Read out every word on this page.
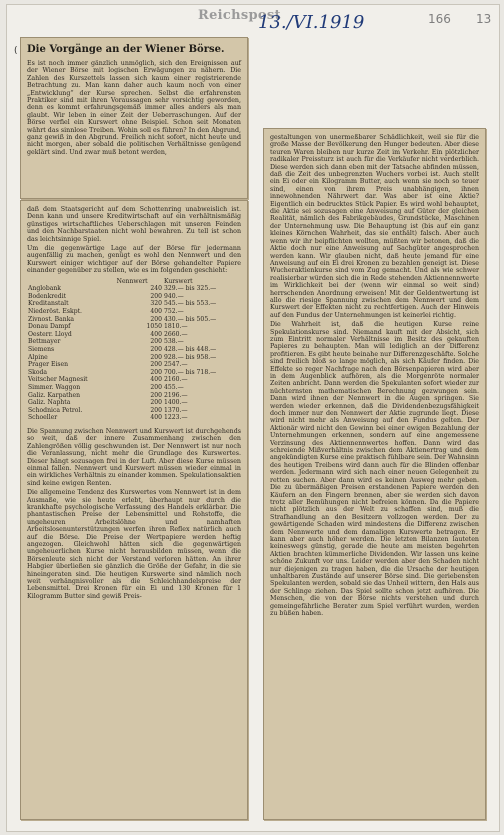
Reichspost
13./VI.1919	166 13
( Die Vorgänge an der Wiener Börse.

Es ist noch immer gänzlich unmöglich, sich den Ereignissen auf der Wiener Börse mit logischen Erwägungen zu nähern. Die Zahlen des Kurszettels lassen sich kaum einer registrierende Betrachtung zu. Man kann daher auch kaum noch von einer „Entwicklung“ der Kurse sprechen. Selbst die erfahrensten Praktiker sind mit ihren Voraussagen sehr vorsichtig geworden, denn es kommt erfahrungsgemäß immer alles anders als man glaubt. Wir leben in einer Zeit der Ueberraschungen. Auf der Börse verfiel ein Kurswert ohne Beispiel. Schon seit Monaten währt das sinnlose Treiben. Wohin soll es führen? In den Abgrund, ganz gewiß in den Abgrund. Freilich nicht sofort, nicht heute und nicht morgen, aber sobald die politischen Verhältnisse genügend geklärt sind. Und zwar muß betont werden,

daß dem Staatsgericht auf dem Schottenring unabweislich ist. Denn kann und unsere Kreditwirtschaft auf ein verhältnismäßig günstiges wirtschaftliches Ueberschlagen mit unseren Feinden und den Nachbarstaaten nicht wohl bewahren. Zu tell ist schon das leichtsinnige Spiel.

Um die gegenwärtige Lage auf der Börse für jedermann augenfällig zu machen, genügt es wohl den Nennwert und den Kurswert einiger wichtiger auf der Börse gehandelter Papiere einander gegenüber zu stellen, wie es im folgenden geschieht:

	Nennwert	Kurswert
Anglobank	240	329.— bis 325.—
Bodenkredit	200	940.—
Kreditanstalt	320	545.— bis 553.—
Niederöst. Eskpt.	400	752.—
Zivnost. Banka	200	430.— bis 505.—
Donau Dampf	1050	1810.—
Oesterr. Lloyd	400	2660.—
Bettmayer	200	538.—
Siemens	200	428.— bis 448.—
Alpine	200	928.— bis 958.—
Prager Eisen	200	2547.—
Skoda	200	700.— bis 718.—
Veitscher Magnesit	400	2160.—
Simmer. Waggon	200	455.—
Galiz. Karpathen	200	2196.—
Galiz. Naphta	200	1400.—
Schodnica Petrol.	200	1370.—
Schoeller	400	1223.—

Die Spannung zwischen Nennwert und Kurswert ist durchgehends so weit, daß der innere Zusammenhang zwischen den Zahlengrößen völlig geschwunden ist. Der Nennwert ist nur noch die Veranlassung, nicht mehr die Grundlage des Kurswertes. Dieser hängt sozusagen frei in der Luft. Aber diese Kurse müssen einmal fallen. Nennwert und Kurswert müssen wieder einmal in ein wirkliches Verhältnis zu einander kommen. Spekulationsaktien sind keine ewigen Renten.

Die allgemeine Tendenz des Kurswertes vom Nennwert ist in dem Ausmaße, wie sie heute erlebt, überhaupt nur durch die krankhafte psychologische Verfassung des Handels erklärbar. Die phantastischen Preise der Lebensmittel und Rohstoffe, die ungeheuren Arbeitslöhne und namhaften Arbeitslosenunterstützungen werfen ihren Reflex natürlich auch auf die Börse. Die Preise der Wertpapiere werden heftig angezogen. Gleichwohl hätten sich die gegenwärtigen ungeheuerlichen Kurse nicht herausbilden müssen, wenn die Börsenleute sich nicht der Verstand verloren hätten. An ihrer Habgier überließen sie gänzlich die Größe der Gefahr, in die sie hineingeraten sind. Die heutigen Kurswerte sind nämlich noch weit verhängnisvoller als die Schleichhandelspreise der Lebensmittel. Drei Kronen für ein Ei und 130 Kronen für 1 Kilogramm Butter sind gewiß Preis-

gestaltungen von unermeßbarer Schädlichkeit, weil sie für die große Masse der Bevölkerung den Hunger bedeuten. Aber diese teuren Waren bleiben nur kurze Zeit im Verkehr. Ein plötzlicher radikaler Preissturz ist auch für die Verkäufer nicht verderblich. Diese werden sich dann eben mit der Tatsache abfinden müssen, daß die Zeit des unbegrenzten Wuchers vorbei ist. Auch stellt ein Ei oder ein Kilogramm Butter, auch wenn sie noch so teuer sind, einen von ihrem Preis unabhängigen, ihnen innewohnenden Nährwert dar. Was aber ist eine Aktie? Eigentlich ein bedrucktes Stück Papier. Es wird wohl behauptet, die Aktie sei sozusagen eine Anweisung auf Güter der gleichen Realität, nämlich des Fabrikgebäudes, Grundstücke, Maschinen der Unternehmung usw. Die Behauptung ist (bis auf ein ganz kleines Körnchen Wahrheit, das sie enthält) falsch. Aber auch wenn wir ihr beipflichten wollten, müßten wir betonen, daß die Aktie doch nur eine Anweisung auf Sachgüter angesprochen werden kann. Wir glauben nicht, daß heute jemand für eine Anweisung auf ein Ei drei Kronen zu bezahlen geneigt ist. Diese Wucheraktienkurse sind vom Zug gemacht. Und als wie schwer realisierbar würden sich die in Rede stehenden Aktiennennwerte im Wirklichkeit bei der (wenn wir einmal so weit sind) herrschenden Anordnung erweisen! Mit der Geldentwertung ist allo die riesige Spannung zwischen dem Nennwert und dem Kurswert der Effekten nicht zu rechtfertigen. Auch der Hinweis auf den Fundus der Unternehmungen ist keinerlei richtig.

Die Wahrheit ist, daß die heutigen Kurse reine Spekulationskurse sind. Niemand kauft mit der Absicht, sich zum Eintritt normaler Verhältnisse im Besitz des gekauften Papieres zu behaupten. Man will lediglich an der Differenz profitieren. Es gibt heute beinahe nur Differenzgeschäfte. Solche sind freilich bloß so lange möglich, als sich Käufer finden. Die Effekte so reger Nachfrage nach den Börsenpapieren wird aber in dem Augenblick aufhören, als die Morgenröte normaler Zeiten anbricht. Dann werden die Spekulanten sofort wieder zur nüchternsten mathematischen Berechnung gezwungen sein. Dann wird ihnen der Nennwert in die Augen springen. Sie werden wieder erkennen, daß die Dividendenbezugsfähigkeit doch immer nur den Nennwert der Aktie zugrunde liegt. Diese wird nicht mehr als Anweisung auf den Fundus gelten. Der Aktionär wird nicht den Gewinn bei einer ewigen Bezahlung der Unternehmungen erkennen, sondern auf eine angemessene Verzinsung des Aktiennennwertes hoffen. Dann wird das schreiende Mißverhältnis zwischen dem Aktienertrag und dem angekündigten Kurse eine praktisch fühlbare sein. Der Wahnsinn des heutigen Treibens wird dann auch für die Blinden offenbar werden. Jedermann wird sich nach einer neuen Gelegenheit zu retten suchen. Aber dann wird es keinen Ausweg mehr geben. Die zu übermäßigen Preisen erstandenen Papiere werden den Käufern an den Fingern brennen, aber sie werden sich davon trotz aller Bemühungen nicht befreien können. Da die Papiere nicht plötzlich aus der Welt zu schaffen sind, muß die Strafhandlung an den Besitzern vollzogen werden. Der zu gewärtigende Schaden wird mindestens die Differenz zwischen dem Nennwerte und dem damaligen Kurswerte betragen. Er kann aber auch höher werden. Die letzten Bilanzen lauteten keineswegs günstig, gerade die heute am meisten begehrten Aktien brachten kümmerliche Dividenden. Wir lassen uns keine schöne Zukunft vor uns. Leider werden aber den Schaden nicht nur diejenigen zu tragen haben, die die Ursache der heutigen unhaltbaren Zustände auf unserer Börse sind. Die geriebensten Spekulanten werden, sobald sie das Unheil wittern, den Hals aus der Schlinge ziehen. Das Spiel sollte schon jetzt aufhören. Die Menschen, die von der Börse nichts verstehen und durch gemeingefährliche Berater zum Spiel verführt wurden, werden zu büßen haben.
